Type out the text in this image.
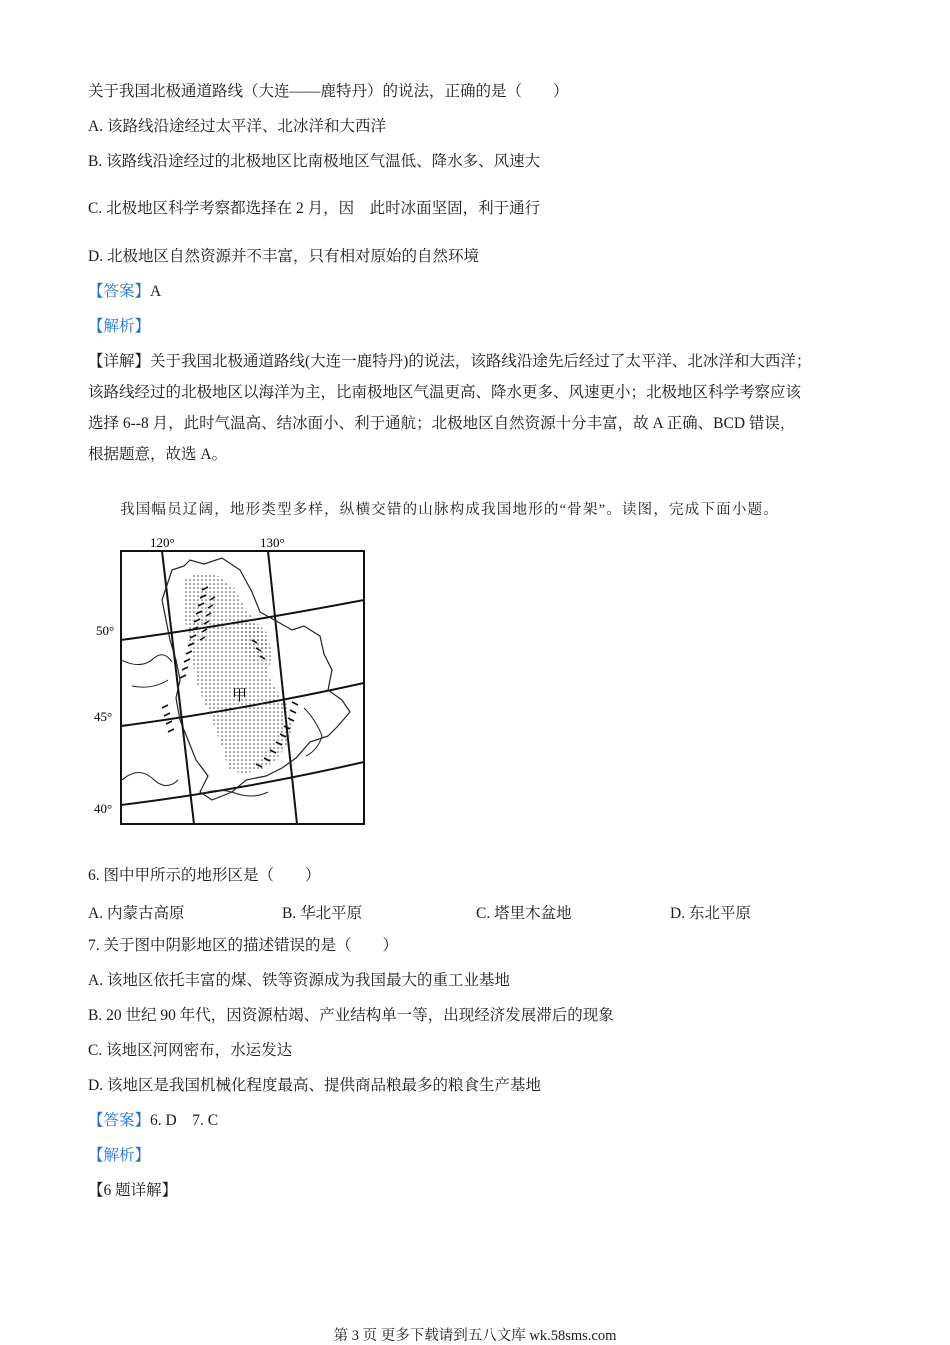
关于我国北极通道路线（大连——鹿特丹）的说法，正确的是（　　）
A. 该路线沿途经过太平洋、北冰洋和大西洋
B. 该路线沿途经过的北极地区比南极地区气温低、降水多、风速大
C. 北极地区科学考察都选择在 2 月，因　此时冰面坚固，利于通行
D. 北极地区自然资源并不丰富，只有相对原始的自然环境
【答案】A
【解析】
【详解】关于我国北极通道路线(大连一鹿特丹)的说法，该路线沿途先后经过了太平洋、北冰洋和大西洋；
该路线经过的北极地区以海洋为主，比南极地区气温更高、降水更多、风速更小；北极地区科学考察应该
选择 6--8 月，此时气温高、结冰面小、利于通航；北极地区自然资源十分丰富，故 A 正确、BCD 错误，
根据题意，故选 A。
我国幅员辽阔，地形类型多样，纵横交错的山脉构成我国地形的“骨架”。读图，完成下面小题。
120°	130°
50°
45°
40°
甲
6. 图中甲所示的地形区是（　　）
A. 内蒙古高原	B. 华北平原	C. 塔里木盆地	D. 东北平原
7. 关于图中阴影地区的描述错误的是（　　）
A. 该地区依托丰富的煤、铁等资源成为我国最大的重工业基地
B. 20 世纪 90 年代，因资源枯竭、产业结构单一等，出现经济发展滞后的现象
C. 该地区河网密布，水运发达
D. 该地区是我国机械化程度最高、提供商品粮最多的粮食生产基地
【答案】6. D　7. C
【解析】
【6 题详解】
第 3 页 更多下载请到五八文库 wk.58sms.com
